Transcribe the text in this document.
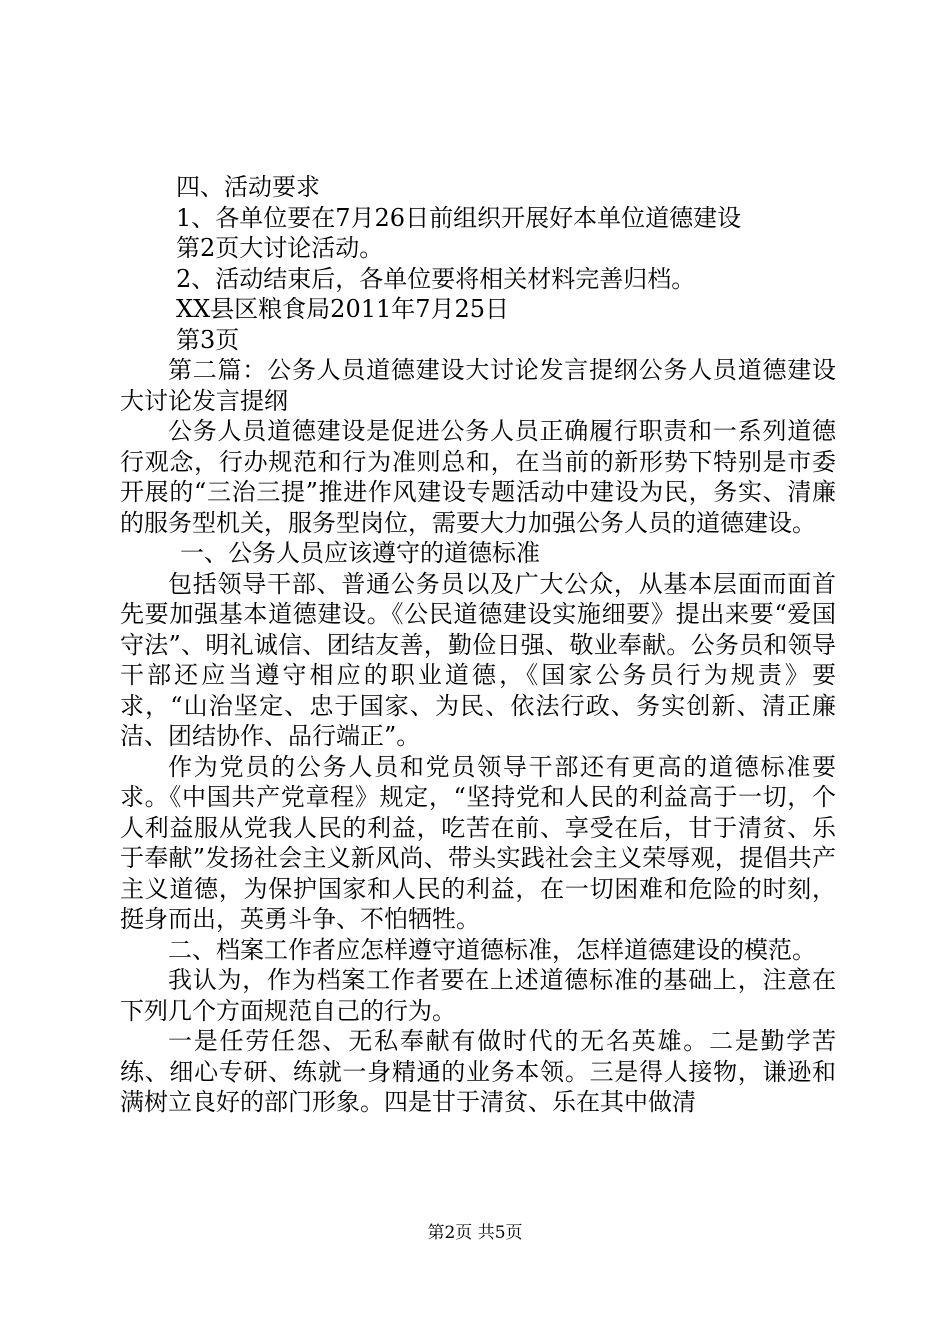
四、活动要求

1、各单位要在7月26日前组织开展好本单位道德建设

第2页大讨论活动。

2、活动结束后，各单位要将相关材料完善归档。

XX县区粮食局2011年7月25日

第3页

第二篇：公务人员道德建设大讨论发言提纲公务人员道德建设大讨论发言提纲

公务人员道德建设是促进公务人员正确履行职责和一系列道德行观念，行办规范和行为准则总和，在当前的新形势下特别是市委开展的“三治三提”推进作风建设专题活动中建设为民，务实、清廉的服务型机关，服务型岗位，需要大力加强公务人员的道德建设。

一、公务人员应该遵守的道德标准

包括领导干部、普通公务员以及广大公众，从基本层面而面首先要加强基本道德建设。《公民道德建设实施细要》提出来要“爱国守法”、明礼诚信、团结友善，勤俭日强、敬业奉献。公务员和领导干部还应当遵守相应的职业道德，《国家公务员行为规责》要求，“山治坚定、忠于国家、为民、依法行政、务实创新、清正廉洁、团结协作、品行端正”。

作为党员的公务人员和党员领导干部还有更高的道德标准要求。《中国共产党章程》规定，“坚持党和人民的利益高于一切，个人利益服从党我人民的利益，吃苦在前、享受在后，甘于清贫、乐于奉献”发扬社会主义新风尚、带头实践社会主义荣辱观，提倡共产主义道德，为保护国家和人民的利益，在一切困难和危险的时刻，挺身而出，英勇斗争、不怕牺牲。

二、档案工作者应怎样遵守道德标准，怎样道德建设的模范。

我认为，作为档案工作者要在上述道德标准的基础上，注意在下列几个方面规范自己的行为。

一是任劳任怨、无私奉献有做时代的无名英雄。二是勤学苦练、细心专研、练就一身精通的业务本领。三是得人接物，谦逊和满树立良好的部门形象。四是甘于清贫、乐在其中做清

第2页 共5页
